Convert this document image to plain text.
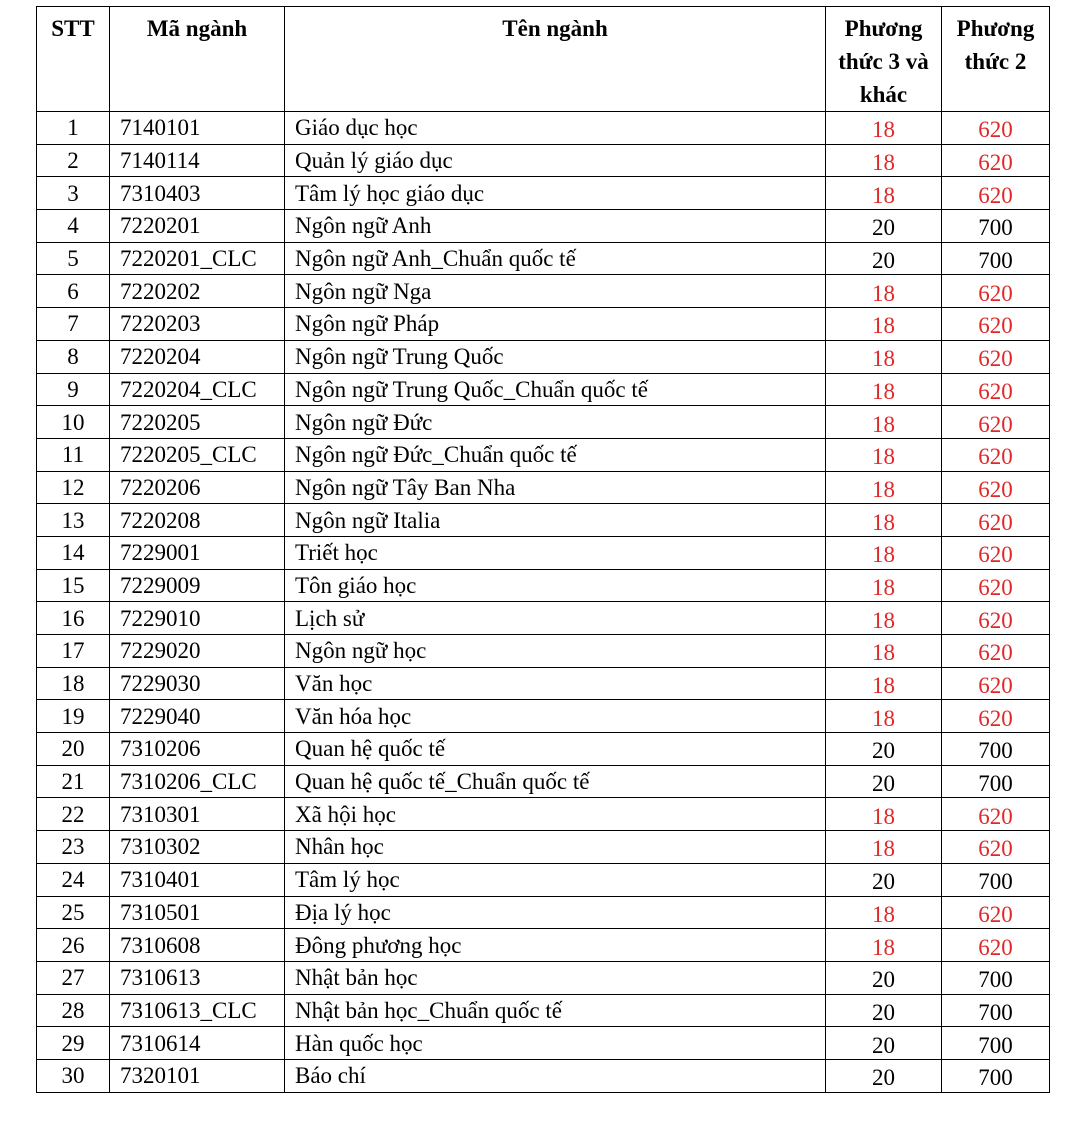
STT	Mã ngành	Tên ngành	Phương thức 3 và khác	Phương thức 2
1	7140101	Giáo dục học	18	620
2	7140114	Quản lý giáo dục	18	620
3	7310403	Tâm lý học giáo dục	18	620
4	7220201	Ngôn ngữ Anh	20	700
5	7220201_CLC	Ngôn ngữ Anh_Chuẩn quốc tế	20	700
6	7220202	Ngôn ngữ Nga	18	620
7	7220203	Ngôn ngữ Pháp	18	620
8	7220204	Ngôn ngữ Trung Quốc	18	620
9	7220204_CLC	Ngôn ngữ Trung Quốc_Chuẩn quốc tế	18	620
10	7220205	Ngôn ngữ Đức	18	620
11	7220205_CLC	Ngôn ngữ Đức_Chuẩn quốc tế	18	620
12	7220206	Ngôn ngữ Tây Ban Nha	18	620
13	7220208	Ngôn ngữ Italia	18	620
14	7229001	Triết học	18	620
15	7229009	Tôn giáo học	18	620
16	7229010	Lịch sử	18	620
17	7229020	Ngôn ngữ học	18	620
18	7229030	Văn học	18	620
19	7229040	Văn hóa học	18	620
20	7310206	Quan hệ quốc tế	20	700
21	7310206_CLC	Quan hệ quốc tế_Chuẩn quốc tế	20	700
22	7310301	Xã hội học	18	620
23	7310302	Nhân học	18	620
24	7310401	Tâm lý học	20	700
25	7310501	Địa lý học	18	620
26	7310608	Đông phương học	18	620
27	7310613	Nhật bản học	20	700
28	7310613_CLC	Nhật bản học_Chuẩn quốc tế	20	700
29	7310614	Hàn quốc học	20	700
30	7320101	Báo chí	20	700
